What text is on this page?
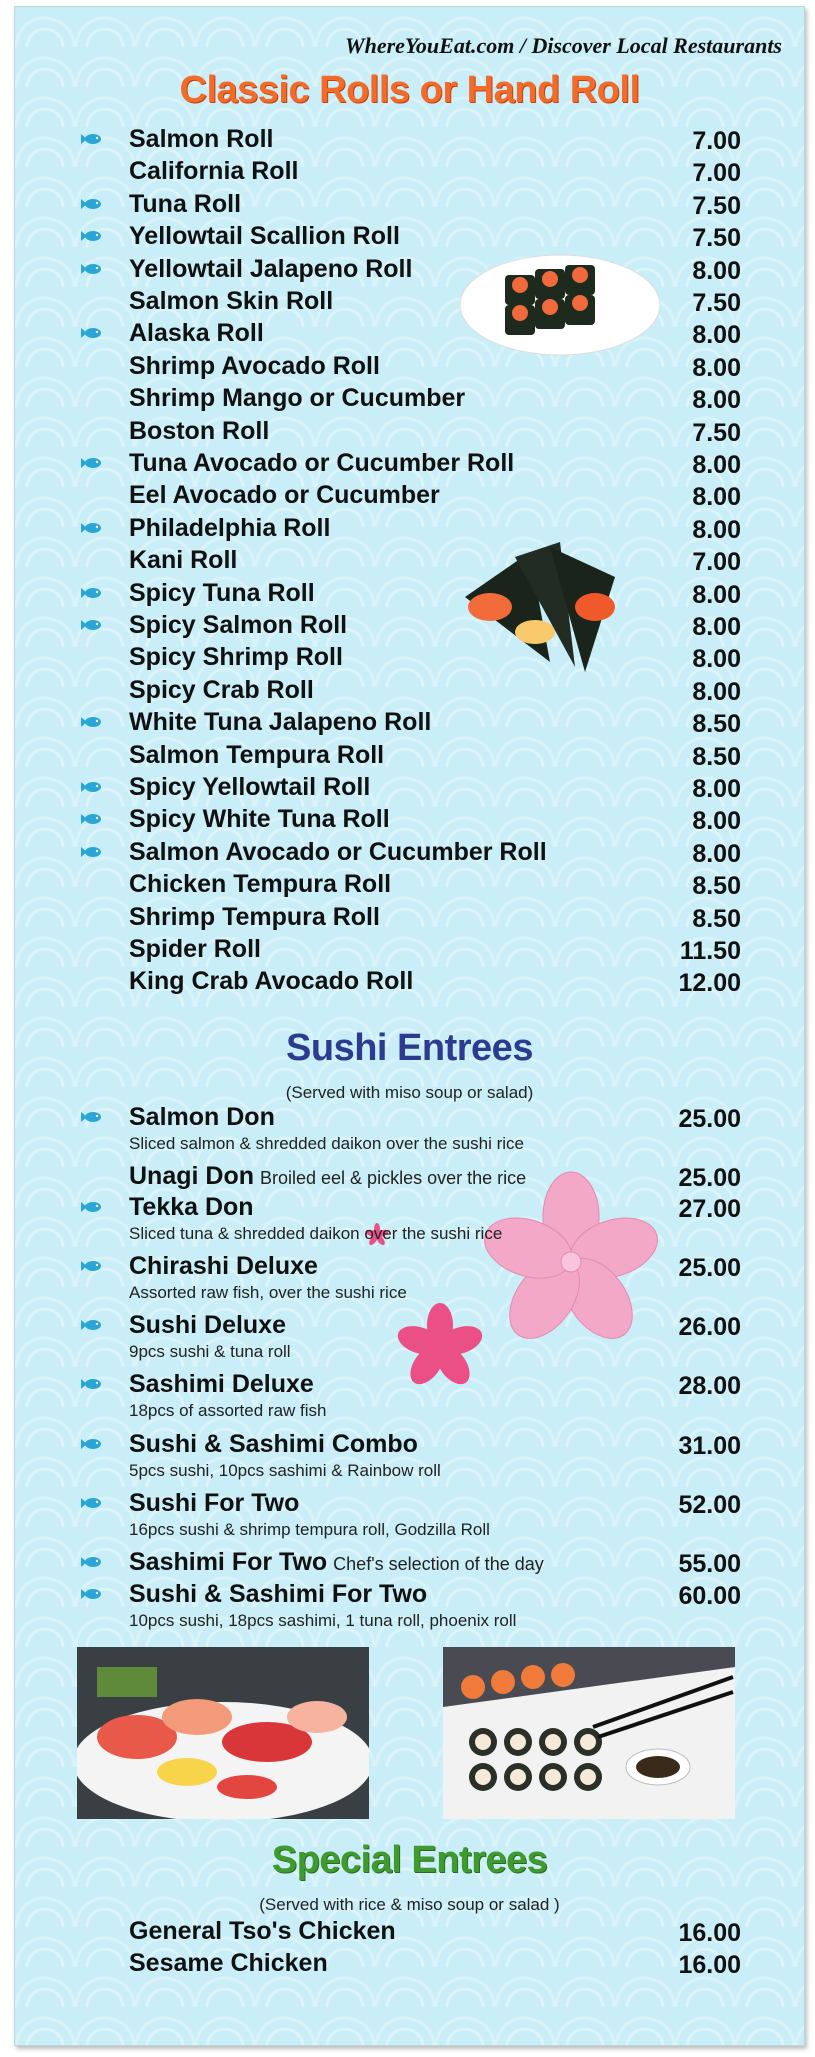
WhereYouEat.com / Discover Local Restaurants
Classic Rolls or Hand Roll
Salmon Roll	7.00
California Roll	7.00
Tuna Roll	7.50
Yellowtail Scallion Roll	7.50
Yellowtail Jalapeno Roll	8.00
Salmon Skin Roll	7.50
Alaska Roll	8.00
Shrimp Avocado Roll	8.00
Shrimp Mango or Cucumber	8.00
Boston Roll	7.50
Tuna Avocado or Cucumber Roll	8.00
Eel Avocado or Cucumber	8.00
Philadelphia Roll	8.00
Kani Roll	7.00
Spicy Tuna Roll	8.00
Spicy Salmon Roll	8.00
Spicy Shrimp Roll	8.00
Spicy Crab Roll	8.00
White Tuna Jalapeno Roll	8.50
Salmon Tempura Roll	8.50
Spicy Yellowtail Roll	8.00
Spicy White Tuna Roll	8.00
Salmon Avocado or Cucumber Roll	8.00
Chicken Tempura Roll	8.50
Shrimp Tempura Roll	8.50
Spider Roll	11.50
King Crab Avocado Roll	12.00
Sushi Entrees
(Served with miso soup or salad)
Salmon Don	25.00
Sliced salmon & shredded daikon over the sushi rice
Unagi Don Broiled eel & pickles over the rice	25.00
Tekka Don	27.00
Sliced tuna & shredded daikon over the sushi rice
Chirashi Deluxe	25.00
Assorted raw fish, over the sushi rice
Sushi Deluxe	26.00
9pcs sushi & tuna roll
Sashimi Deluxe	28.00
18pcs of assorted raw fish
Sushi & Sashimi Combo	31.00
5pcs sushi, 10pcs sashimi & Rainbow roll
Sushi For Two	52.00
16pcs sushi & shrimp tempura roll, Godzilla Roll
Sashimi For Two Chef's selection of the day	55.00
Sushi & Sashimi For Two	60.00
10pcs sushi, 18pcs sashimi, 1 tuna roll, phoenix roll
Special Entrees
(Served with rice & miso soup or salad )
General Tso's Chicken	16.00
Sesame Chicken	16.00
